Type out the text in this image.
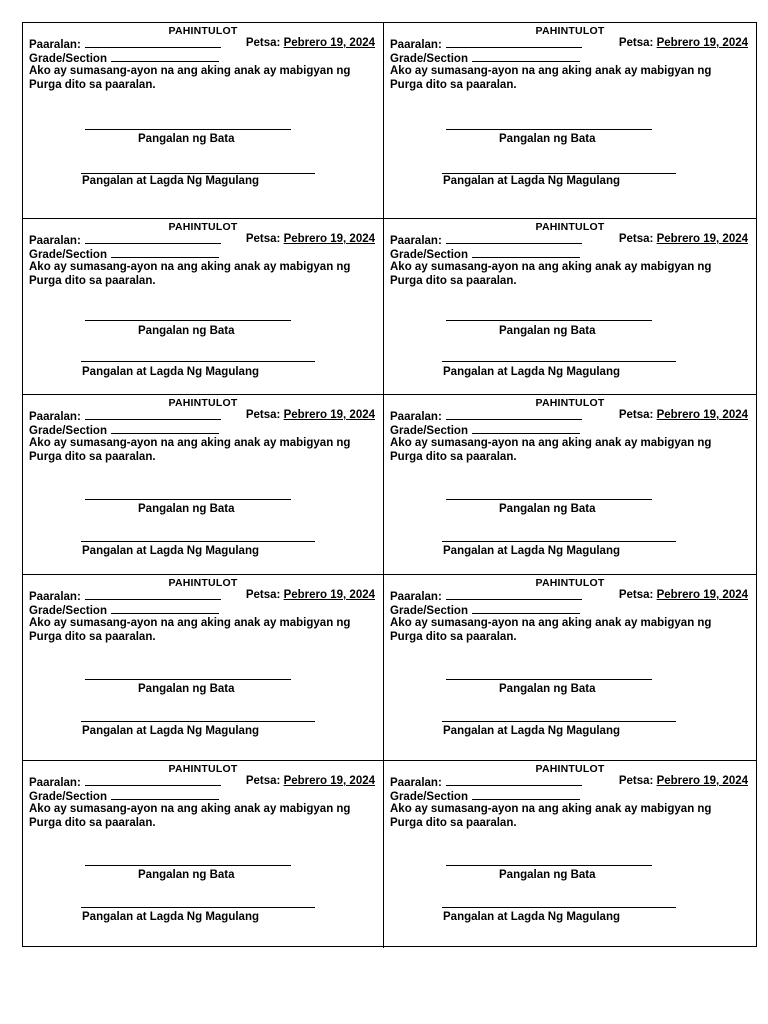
PAHINTULOT
Paaralan:	Petsa: Pebrero 19, 2024
Grade/Section
Ako ay sumasang-ayon na ang aking anak ay mabigyan ng
Purga dito sa paaralan.
Pangalan ng Bata
Pangalan at Lagda Ng Magulang
PAHINTULOT
Paaralan:	Petsa: Pebrero 19, 2024
Grade/Section
Ako ay sumasang-ayon na ang aking anak ay mabigyan ng
Purga dito sa paaralan.
Pangalan ng Bata
Pangalan at Lagda Ng Magulang
PAHINTULOT
Paaralan:	Petsa: Pebrero 19, 2024
Grade/Section
Ako ay sumasang-ayon na ang aking anak ay mabigyan ng
Purga dito sa paaralan.
Pangalan ng Bata
Pangalan at Lagda Ng Magulang
PAHINTULOT
Paaralan:	Petsa: Pebrero 19, 2024
Grade/Section
Ako ay sumasang-ayon na ang aking anak ay mabigyan ng
Purga dito sa paaralan.
Pangalan ng Bata
Pangalan at Lagda Ng Magulang
PAHINTULOT
Paaralan:	Petsa: Pebrero 19, 2024
Grade/Section
Ako ay sumasang-ayon na ang aking anak ay mabigyan ng
Purga dito sa paaralan.
Pangalan ng Bata
Pangalan at Lagda Ng Magulang
PAHINTULOT
Paaralan:	Petsa: Pebrero 19, 2024
Grade/Section
Ako ay sumasang-ayon na ang aking anak ay mabigyan ng
Purga dito sa paaralan.
Pangalan ng Bata
Pangalan at Lagda Ng Magulang
PAHINTULOT
Paaralan:	Petsa: Pebrero 19, 2024
Grade/Section
Ako ay sumasang-ayon na ang aking anak ay mabigyan ng
Purga dito sa paaralan.
Pangalan ng Bata
Pangalan at Lagda Ng Magulang
PAHINTULOT
Paaralan:	Petsa: Pebrero 19, 2024
Grade/Section
Ako ay sumasang-ayon na ang aking anak ay mabigyan ng
Purga dito sa paaralan.
Pangalan ng Bata
Pangalan at Lagda Ng Magulang
PAHINTULOT
Paaralan:	Petsa: Pebrero 19, 2024
Grade/Section
Ako ay sumasang-ayon na ang aking anak ay mabigyan ng
Purga dito sa paaralan.
Pangalan ng Bata
Pangalan at Lagda Ng Magulang
PAHINTULOT
Paaralan:	Petsa: Pebrero 19, 2024
Grade/Section
Ako ay sumasang-ayon na ang aking anak ay mabigyan ng
Purga dito sa paaralan.
Pangalan ng Bata
Pangalan at Lagda Ng Magulang
